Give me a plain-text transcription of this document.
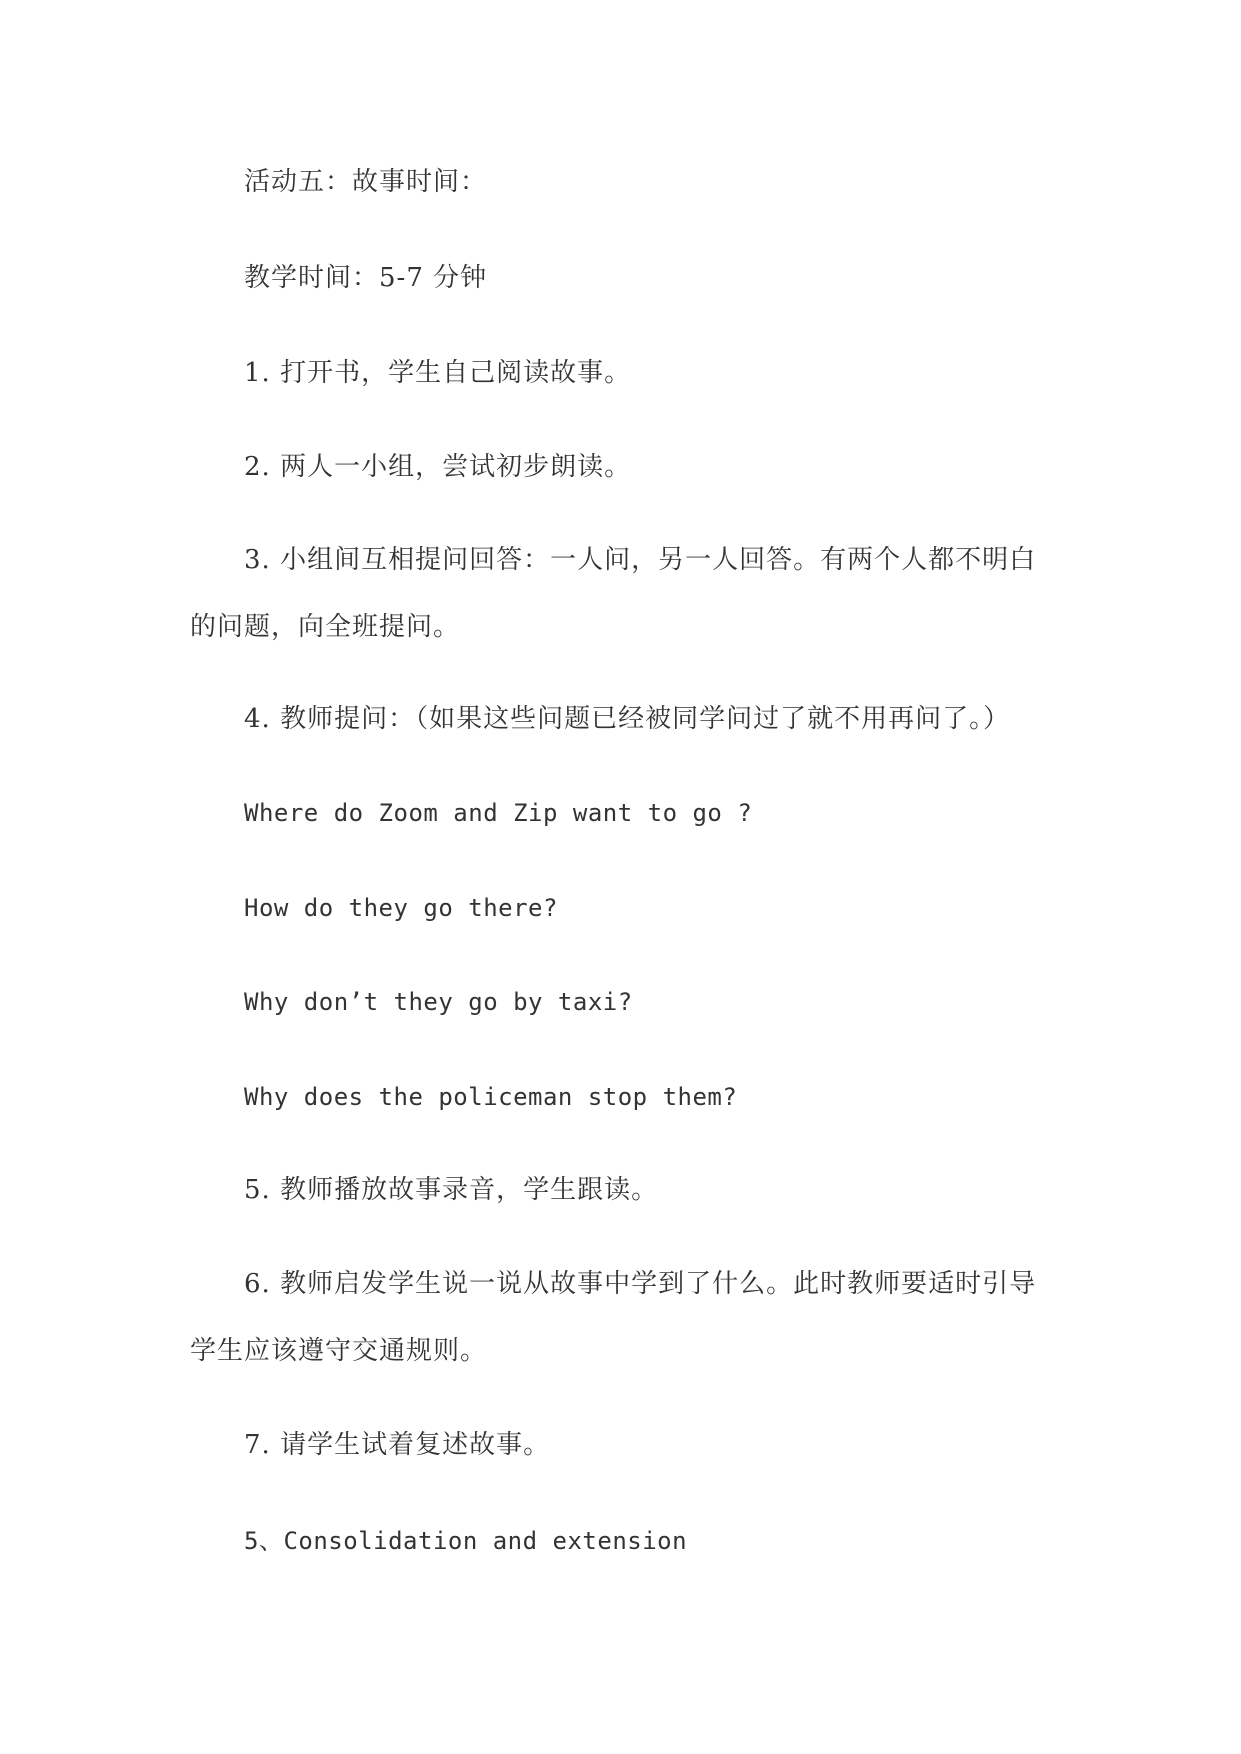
活动五：故事时间：

教学时间：5-7 分钟

1. 打开书，学生自己阅读故事。

2. 两人一小组，尝试初步朗读。

3. 小组间互相提问回答：一人问，另一人回答。有两个人都不明白的问题，向全班提问。

4. 教师提问：（如果这些问题已经被同学问过了就不用再问了。）

Where do Zoom and Zip want to go ?

How do they go there?

Why don’t they go by taxi?

Why does the policeman stop them?

5. 教师播放故事录音，学生跟读。

6. 教师启发学生说一说从故事中学到了什么。此时教师要适时引导学生应该遵守交通规则。

7. 请学生试着复述故事。

5、Consolidation and extension
